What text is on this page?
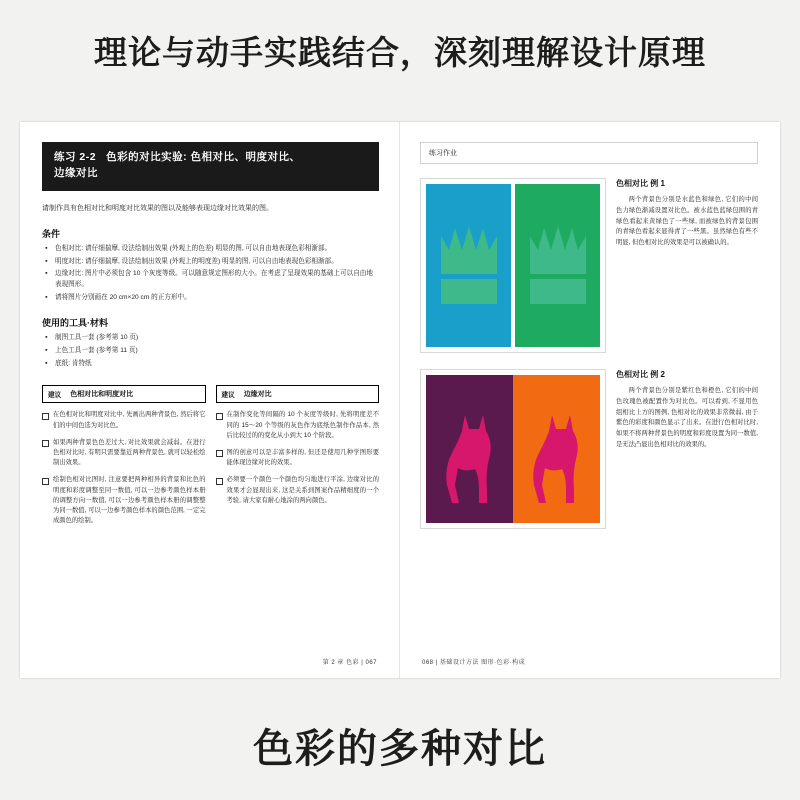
理论与动手实践结合，深刻理解设计原理
练习 2-2 色彩的对比实验: 色相对比、明度对比、
边缘对比
请制作具有色相对比和明度对比效果的图以及能够表现边缘对比效果的图。
条件
● 色相对比: 请仔细揣摩, 设法绘制出效果 (外观上的色差) 明显的图, 可以自由地表现色彩相渐部。
● 明度对比: 请仔细揣摩, 设法绘制出效果 (外观上的明度差) 明显的图, 可以自由地表现色彩相渐部。
● 边缘对比: 图片中必须包含 10 个灰度等级。可以随意规定图形的大小。在考虑了呈现效果的基础上可以自由地表现图形。
● 请将图片分别画在 20 cm×20 cm 的正方形中。
使用的工具·材料
● 制图工具一套 (参考第 10 页)
● 上色工具一套 (参考第 11 页)
● 底纸: 肯特纸
建议 色相对比和明度对比
在色相对比和明度对比中, 先画出两种背景色, 然后将它们的中间色选为对比色。
如果两种背景色色差过大, 对比效果就会减弱。在进行色相对比时, 有明只需要靠近两种背景色, 就可以轻松绘制出效果。
绘制色相对比图时, 注意要把两种相异的背景和比色的明度和彩度调整至同一数值, 可以一边参考颜色样本册的调整方向一数值, 可以一边参考颜色样本册的调整整为同一数值, 可以一边参考颜色样本的颜色范围, 一定完成颜色的绘制。
建议 边缘对比
在制作变化等间隔的 10 个灰度等级时, 先将明度差不同的 15～20 个等级的灰色作为底纸色制作作品本, 然后比较过的的变化从小到大 10 个阶段。
图的创意可以是丰富多样的, 但还是使用几种学图形要能体现边缘对比的效果。
必须要一个颜色一个颜色均匀地进行平涂, 边缘对比的效果才会显现出来, 这是关系到图案作品精细度的一个考验, 请大家有耐心地涂的两向颜色。
第 2 章 色彩 | 067
练习作业
色相对比 例 1
两个背景色分别是水蓝色和绿色, 它们的中间色力绿色渐减设置对比色。被水蓝色蓝绿包围的青绿色看起来黄绿色了一些绿, 而被绿色的背景包围的青绿色看起来显得青了一些黑。虽然绿色有些不明显, 但色相对比的效果是可以被确认的。
色相对比 例 2
两个背景色分别是紫红色和橙色, 它们的中间色玫瑰色被配置作为对比色。可以看到, 不显用色组相比上方的图例, 色相对比的效果非常微弱, 由于紫色的彩度和颜色显示了出来。在进行色相对比时, 如果不将两种背景色的明度和彩度设置为同一数值, 是无法凸显出色相对比的效果的。
068 | 基础设计方法 图形·色彩·构成
色彩的多种对比
